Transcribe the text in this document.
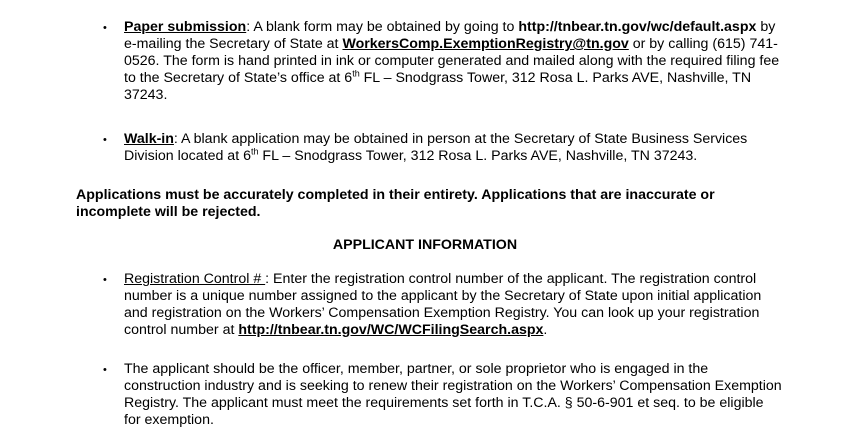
• Paper submission: A blank form may be obtained by going to http://tnbear.tn.gov/wc/default.aspx by
e-mailing the Secretary of State at WorkersComp.ExemptionRegistry@tn.gov or by calling (615) 741-
0526. The form is hand printed in ink or computer generated and mailed along with the required filing fee
to the Secretary of State’s office at 6th FL – Snodgrass Tower, 312 Rosa L. Parks AVE, Nashville, TN
37243.
• Walk-in: A blank application may be obtained in person at the Secretary of State Business Services
Division located at 6th FL – Snodgrass Tower, 312 Rosa L. Parks AVE, Nashville, TN 37243.
Applications must be accurately completed in their entirety. Applications that are inaccurate or
incomplete will be rejected.
APPLICANT INFORMATION
• Registration Control # : Enter the registration control number of the applicant. The registration control
number is a unique number assigned to the applicant by the Secretary of State upon initial application
and registration on the Workers’ Compensation Exemption Registry. You can look up your registration
control number at http://tnbear.tn.gov/WC/WCFilingSearch.aspx.
• The applicant should be the officer, member, partner, or sole proprietor who is engaged in the
construction industry and is seeking to renew their registration on the Workers’ Compensation Exemption
Registry. The applicant must meet the requirements set forth in T.C.A. § 50-6-901 et seq. to be eligible
for exemption.
